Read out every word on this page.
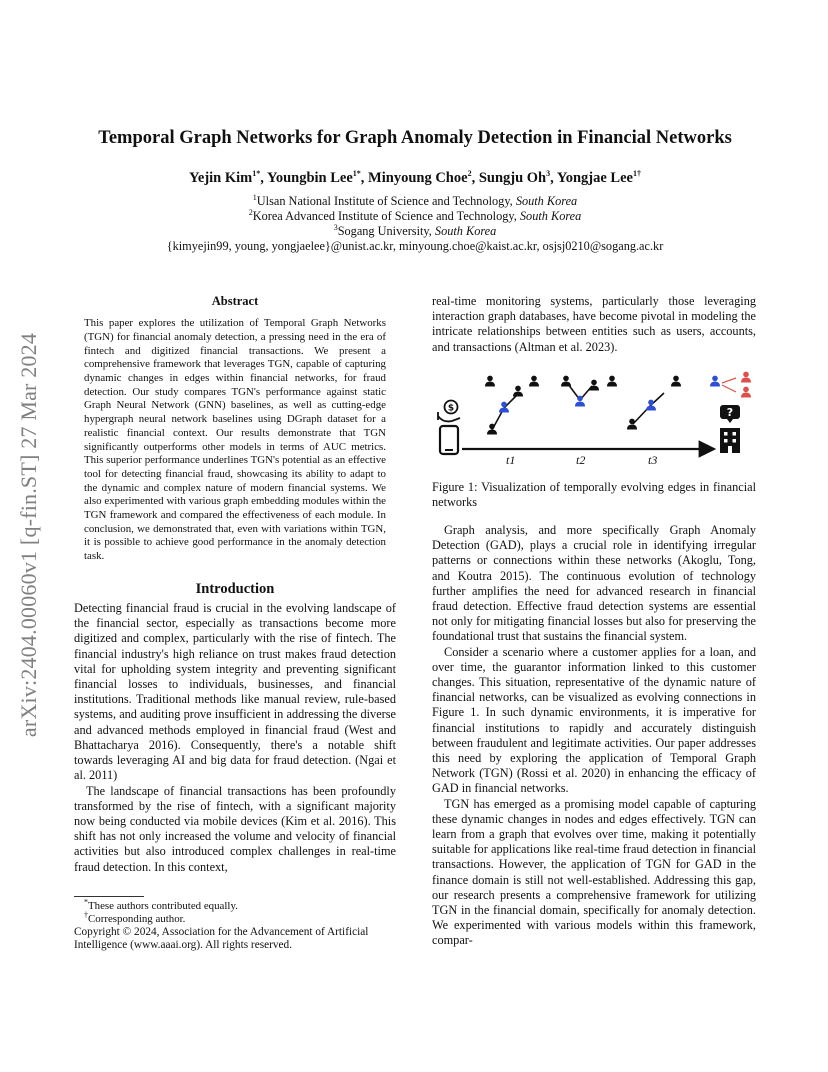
arXiv:2404.00060v1 [q-fin.ST] 27 Mar 2024
Temporal Graph Networks for Graph Anomaly Detection in Financial Networks
Yejin Kim$^{1*}$, Youngbin Lee$^{1*}$, Minyoung Choe$^2$, Sungju Oh$^3$, Yongjae Lee$^{1\dagger}$
$^1$Ulsan National Institute of Science and Technology, South Korea
$^2$Korea Advanced Institute of Science and Technology, South Korea
$^3$Sogang University, South Korea
{kimyejin99, young, yongjaelee}@unist.ac.kr, minyoung.choe@kaist.ac.kr, osjsj0210@sogang.ac.kr

Abstract

This paper explores the utilization of Temporal Graph Networks (TGN) for financial anomaly detection, a pressing need in the era of fintech and digitized financial transactions. We present a comprehensive framework that leverages TGN, capable of capturing dynamic changes in edges within financial networks, for fraud detection. Our study compares TGN's performance against static Graph Neural Network (GNN) baselines, as well as cutting-edge hypergraph neural network baselines using DGraph dataset for a realistic financial context. Our results demonstrate that TGN significantly outperforms other models in terms of AUC metrics. This superior performance underlines TGN's potential as an effective tool for detecting financial fraud, showcasing its ability to adapt to the dynamic and complex nature of modern financial systems. We also experimented with various graph embedding modules within the TGN framework and compared the effectiveness of each module. In conclusion, we demonstrated that, even with variations within TGN, it is possible to achieve good performance in the anomaly detection task.

Introduction

Detecting financial fraud is crucial in the evolving landscape of the financial sector, especially as transactions become more digitized and complex, particularly with the rise of fintech. The financial industry's high reliance on trust makes fraud detection vital for upholding system integrity and preventing significant financial losses to individuals, businesses, and financial institutions. Traditional methods like manual review, rule-based systems, and auditing prove insufficient in addressing the diverse and advanced methods employed in financial fraud (West and Bhattacharya 2016). Consequently, there's a notable shift towards leveraging AI and big data for fraud detection. (Ngai et al. 2011)

The landscape of financial transactions has been profoundly transformed by the rise of fintech, with a significant majority now being conducted via mobile devices (Kim et al. 2016). This shift has not only increased the volume and velocity of financial activities but also introduced complex challenges in real-time fraud detection. In this context,

*These authors contributed equally.
†Corresponding author.
Copyright © 2024, Association for the Advancement of Artificial Intelligence (www.aaai.org). All rights reserved.

real-time monitoring systems, particularly those leveraging interaction graph databases, have become pivotal in modeling the intricate relationships between entities such as users, accounts, and transactions (Altman et al. 2023).

$	?
t1	t2	t3
Figure 1: Visualization of temporally evolving edges in financial networks

Graph analysis, and more specifically Graph Anomaly Detection (GAD), plays a crucial role in identifying irregular patterns or connections within these networks (Akoglu, Tong, and Koutra 2015). The continuous evolution of technology further amplifies the need for advanced research in financial fraud detection. Effective fraud detection systems are essential not only for mitigating financial losses but also for preserving the foundational trust that sustains the financial system.

Consider a scenario where a customer applies for a loan, and over time, the guarantor information linked to this customer changes. This situation, representative of the dynamic nature of financial networks, can be visualized as evolving connections in Figure 1. In such dynamic environments, it is imperative for financial institutions to rapidly and accurately distinguish between fraudulent and legitimate activities. Our paper addresses this need by exploring the application of Temporal Graph Network (TGN) (Rossi et al. 2020) in enhancing the efficacy of GAD in financial networks.

TGN has emerged as a promising model capable of capturing these dynamic changes in nodes and edges effectively. TGN can learn from a graph that evolves over time, making it potentially suitable for applications like real-time fraud detection in financial transactions. However, the application of TGN for GAD in the finance domain is still not well-established. Addressing this gap, our research presents a comprehensive framework for utilizing TGN in the financial domain, specifically for anomaly detection. We experimented with various models within this framework, compar-
